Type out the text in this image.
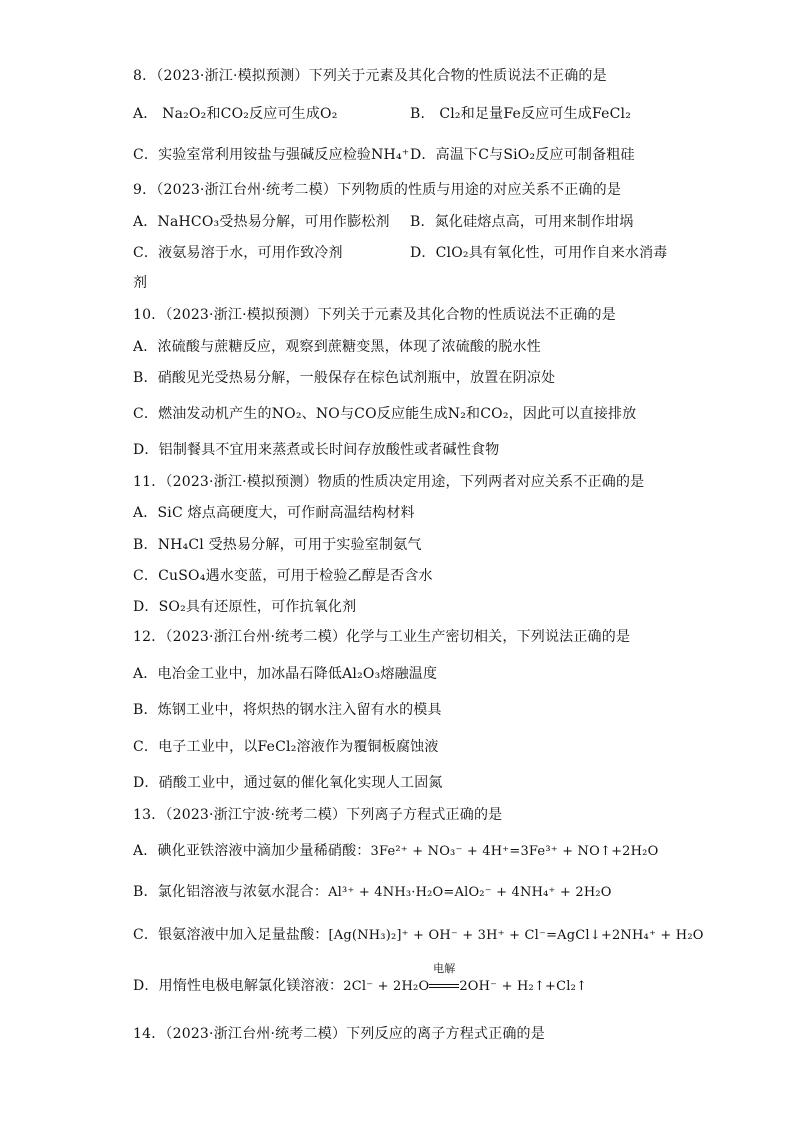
8．（2023·浙江·模拟预测）下列关于元素及其化合物的性质说法不正确的是
A． Na₂O₂和CO₂反应可生成O₂	B． Cl₂和足量Fe反应可生成FeCl₂
C．实验室常利用铵盐与强碱反应检验NH₄⁺ D．高温下C与SiO₂反应可制备粗硅
9．（2023·浙江台州·统考二模）下列物质的性质与用途的对应关系不正确的是
A．NaHCO₃受热易分解，可用作膨松剂 B．氮化硅熔点高，可用来制作坩埚
C．液氨易溶于水，可用作致冷剂	D．ClO₂具有氧化性，可用作自来水消毒
剂
10．（2023·浙江·模拟预测）下列关于元素及其化合物的性质说法不正确的是
A．浓硫酸与蔗糖反应，观察到蔗糖变黑，体现了浓硫酸的脱水性
B．硝酸见光受热易分解，一般保存在棕色试剂瓶中，放置在阴凉处
C．燃油发动机产生的NO₂、NO与CO反应能生成N₂和CO₂，因此可以直接排放
D．铝制餐具不宜用来蒸煮或长时间存放酸性或者碱性食物
11．（2023·浙江·模拟预测）物质的性质决定用途，下列两者对应关系不正确的是
A．SiC 熔点高硬度大，可作耐高温结构材料
B．NH₄Cl 受热易分解，可用于实验室制氨气
C．CuSO₄遇水变蓝，可用于检验乙醇是否含水
D．SO₂具有还原性，可作抗氧化剂
12．（2023·浙江台州·统考二模）化学与工业生产密切相关，下列说法正确的是
A．电冶金工业中，加冰晶石降低Al₂O₃熔融温度
B．炼钢工业中，将炽热的钢水注入留有水的模具
C．电子工业中，以FeCl₂溶液作为覆铜板腐蚀液
D．硝酸工业中，通过氨的催化氧化实现人工固氮
13．（2023·浙江宁波·统考二模）下列离子方程式正确的是
A．碘化亚铁溶液中滴加少量稀硝酸：3Fe²⁺ + NO₃⁻ + 4H⁺=3Fe³⁺ + NO↑+2H₂O
B．氯化铝溶液与浓氨水混合：Al³⁺ + 4NH₃·H₂O=AlO₂⁻ + 4NH₄⁺ + 2H₂O
C．银氨溶液中加入足量盐酸：[Ag(NH₃)₂]⁺ + OH⁻ + 3H⁺ + Cl⁻=AgCl↓+2NH₄⁺ + H₂O
D．用惰性电极电解氯化镁溶液：2Cl⁻ + 2H₂O
电解
2OH⁻ + H₂↑+Cl₂↑
14．（2023·浙江台州·统考二模）下列反应的离子方程式正确的是
